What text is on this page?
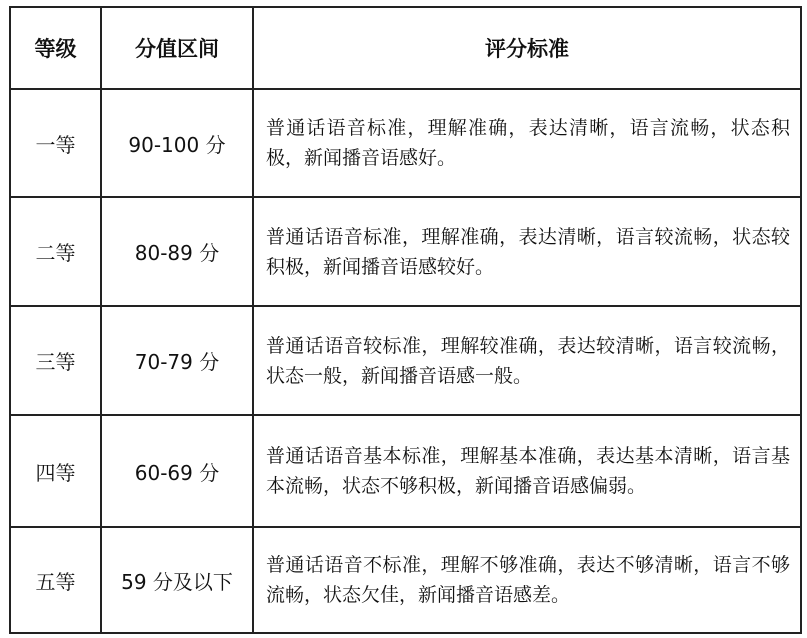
等级	分值区间	评分标准
一等	90-100 分	普通话语音标准，理解准确，表达清晰，语言流畅，状态积极，新闻播音语感好。
二等	80-89 分	普通话语音标准，理解准确，表达清晰，语言较流畅，状态较积极，新闻播音语感较好。
三等	70-79 分	普通话语音较标准，理解较准确，表达较清晰，语言较流畅，状态一般，新闻播音语感一般。
四等	60-69 分	普通话语音基本标准，理解基本准确，表达基本清晰，语言基本流畅，状态不够积极，新闻播音语感偏弱。
五等	59 分及以下	普通话语音不标准，理解不够准确，表达不够清晰，语言不够流畅，状态欠佳，新闻播音语感差。
